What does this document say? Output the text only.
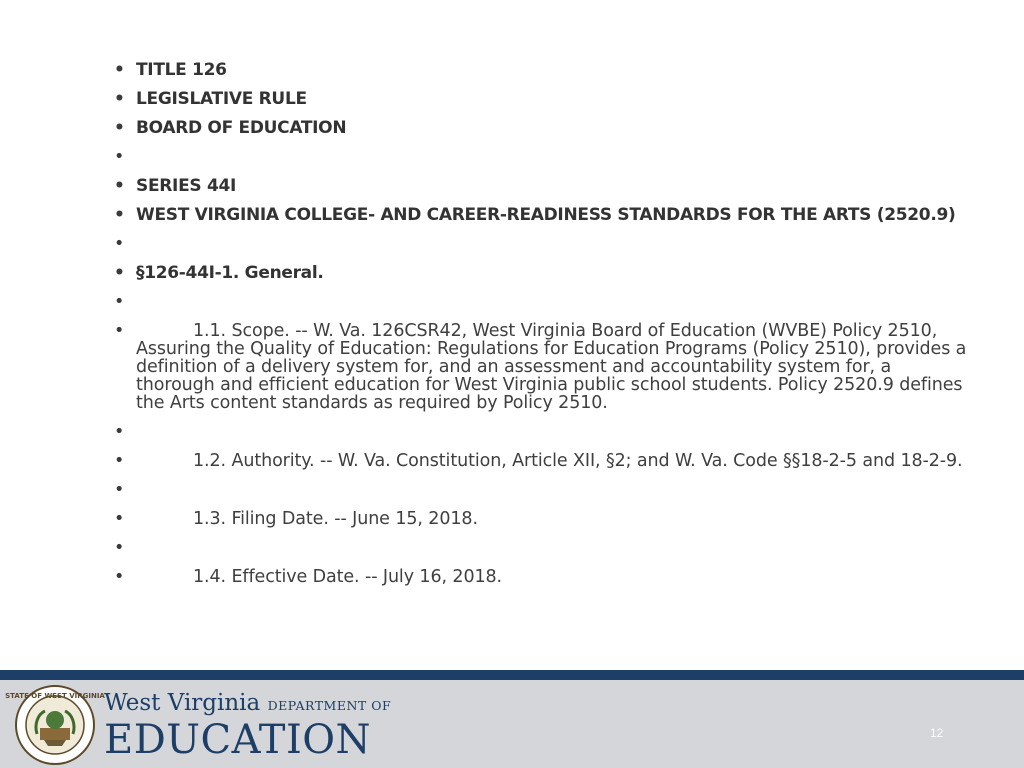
• TITLE 126
• LEGISLATIVE RULE
• BOARD OF EDUCATION
•
• SERIES 44I
• WEST VIRGINIA COLLEGE- AND CAREER-READINESS STANDARDS FOR THE ARTS (2520.9)
•
• §126-44I-1. General.
•
• 1.1. Scope. -- W. Va. 126CSR42, West Virginia Board of Education (WVBE) Policy 2510, Assuring the Quality of Education: Regulations for Education Programs (Policy 2510), provides a definition of a delivery system for, and an assessment and accountability system for, a thorough and efficient education for West Virginia public school students. Policy 2520.9 defines the Arts content standards as required by Policy 2510.
•
• 1.2. Authority. -- W. Va. Constitution, Article XII, §2; and W. Va. Code §§18-2-5 and 18-2-9.
•
• 1.3. Filing Date. -- June 15, 2018.
•
• 1.4. Effective Date. -- July 16, 2018.
STATE OF WEST VIRGINIA West Virginia DEPARTMENT OF
EDUCATION	12
